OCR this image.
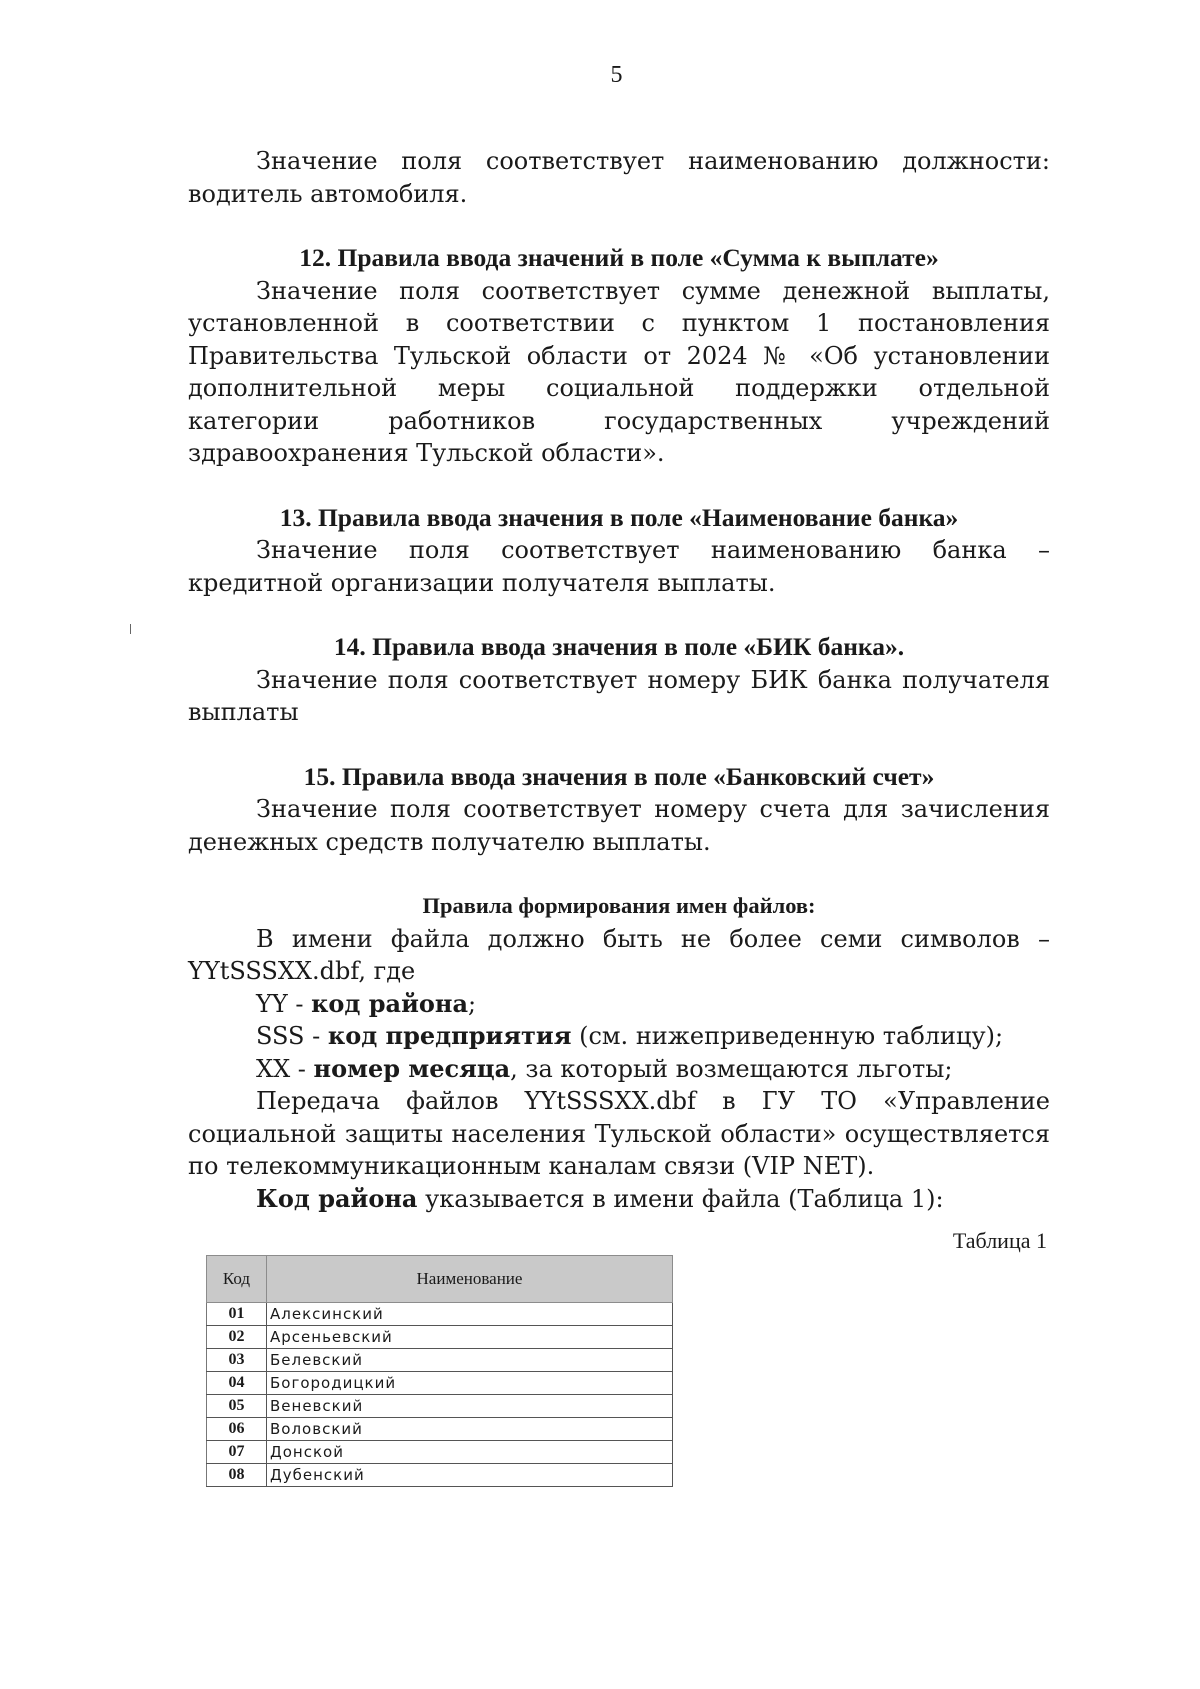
5

Значение поля соответствует наименованию должности: водитель автомобиля.

12. Правила ввода значений в поле «Сумма к выплате»

Значение поля соответствует сумме денежной выплаты, установленной в соответствии с пунктом 1 постановления Правительства Тульской области от 2024 № «Об установлении дополнительной меры социальной поддержки отдельной категории работников государственных учреждений здравоохранения Тульской области».

13. Правила ввода значения в поле «Наименование банка»

Значение поля соответствует наименованию банка – кредитной организации получателя выплаты.

14. Правила ввода значения в поле «БИК банка».

Значение поля соответствует номеру БИК банка получателя выплаты

15. Правила ввода значения в поле «Банковский счет»

Значение поля соответствует номеру счета для зачисления денежных средств получателю выплаты.

Правила формирования имен файлов:

В имени файла должно быть не более семи символов – YYtSSSXX.dbf, где

YY - код района;

SSS - код предприятия (см. нижеприведенную таблицу);

XX - номер месяца, за который возмещаются льготы;

Передача файлов YYtSSSXX.dbf в ГУ ТО «Управление социальной защиты населения Тульской области» осуществляется по телекоммуникационным каналам связи (VIP NET).

Код района указывается в имени файла (Таблица 1):

Таблица 1
Код	Наименование
01	Алексинский
02	Арсеньевский
03	Белевский
04	Богородицкий
05	Веневский
06	Воловский
07	Донской
08	Дубенский
